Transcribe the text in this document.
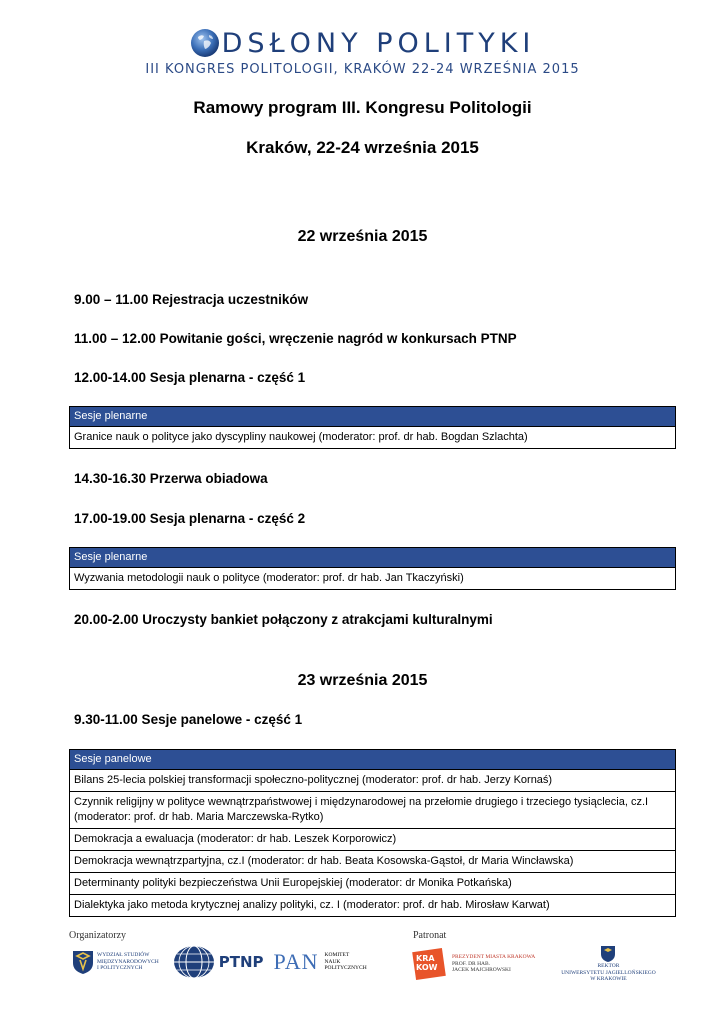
DSŁONY POLITYKI
III KONGRES POLITOLOGII, KRAKÓW 22-24 WRZEŚNIA 2015
Ramowy program III. Kongresu Politologii
Kraków, 22-24 września 2015
22 września 2015
9.00 – 11.00 Rejestracja uczestników
11.00 – 12.00 Powitanie gości, wręczenie nagród w konkursach PTNP
12.00-14.00 Sesja plenarna - część 1
Sesje plenarne
Granice nauk o polityce jako dyscypliny naukowej (moderator: prof. dr hab. Bogdan Szlachta)
14.30-16.30 Przerwa obiadowa
17.00-19.00 Sesja plenarna - część 2
Sesje plenarne
Wyzwania metodologii nauk o polityce (moderator: prof. dr hab. Jan Tkaczyński)
20.00-2.00 Uroczysty bankiet połączony z atrakcjami kulturalnymi
23 września 2015
9.30-11.00 Sesje panelowe - część 1
Sesje panelowe
Bilans 25-lecia polskiej transformacji społeczno-politycznej (moderator: prof. dr hab. Jerzy Kornaś)
Czynnik religijny w polityce wewnątrzpaństwowej i międzynarodowej na przełomie drugiego i trzeciego tysiąclecia, cz.I (moderator: prof. dr hab. Maria Marczewska-Rytko)
Demokracja a ewaluacja (moderator: dr hab. Leszek Korporowicz)
Demokracja wewnątrzpartyjna, cz.I (moderator: dr hab. Beata Kosowska-Gąstoł, dr Maria Wincławska)
Determinanty polityki bezpieczeństwa Unii Europejskiej (moderator: dr Monika Potkańska)
Dialektyka jako metoda krytycznej analizy polityki, cz. I (moderator: prof. dr hab. Mirosław Karwat)
Organizatorzy	Patronat
WYDZIAŁ STUDIÓW
MIĘDZYNARODOWYCH
I POLITYCZNYCH	PTNP PAN KOMITET
NAUK
POLITYCZNYCH
KRA
KOW
PREZYDENT MIASTA KRAKOWA
PROF. DR HAB.
JACEK MAJCHROWSKI
REKTOR
UNIWERSYTETU JAGIELLOŃSKIEGO
W KRAKOWIE
